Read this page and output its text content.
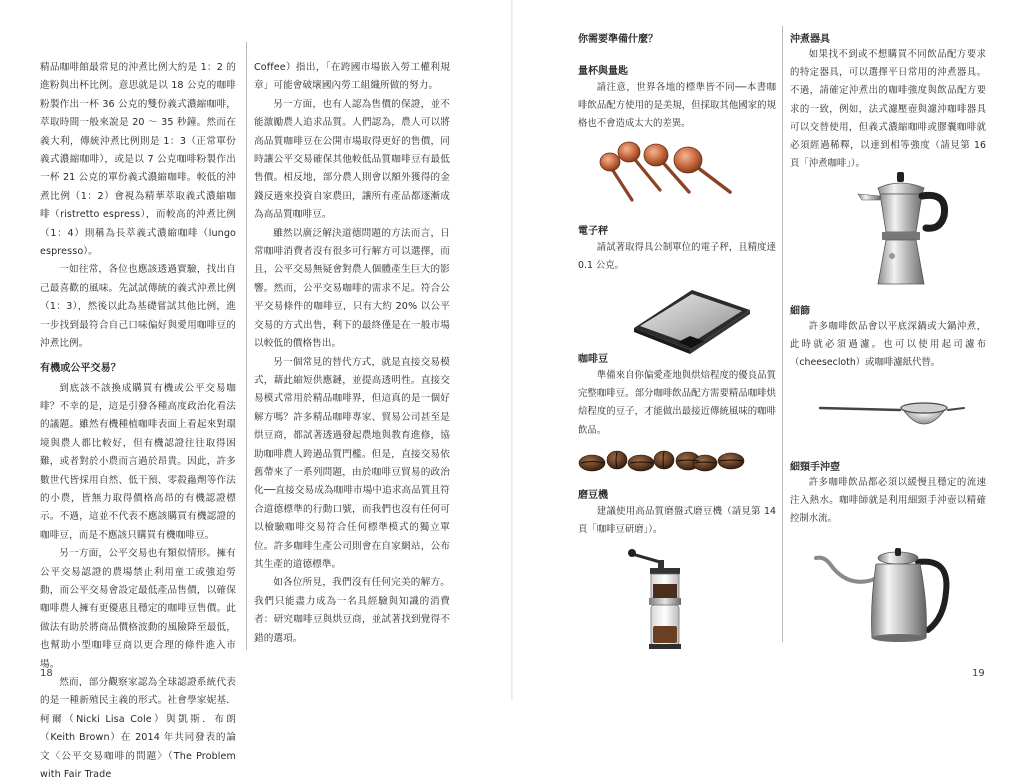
精品咖啡館最常見的沖煮比例大約是 1：2 的進粉與出杯比例。意思就是以 18 公克的咖啡粉製作出一杯 36 公克的雙份義式濃縮咖啡，萃取時間一般來說是 20 ～ 35 秒鐘。然而在義大利，傳統沖煮比例則是 1：3（正常單份義式濃縮咖啡），或是以 7 公克咖啡粉製作出一杯 21 公克的單份義式濃縮咖啡。較低的沖煮比例（1：2）會視為精華萃取義式濃縮咖啡（ristretto espress），而較高的沖煮比例（1：4）則稱為長萃義式濃縮咖啡（lungo espresso）。

一如往常，各位也應該透過實驗，找出自己最喜歡的風味。先試試傳統的義式沖煮比例（1：3），然後以此為基礎嘗試其他比例，進一步找到最符合自己口味偏好與愛用咖啡豆的沖煮比例。

有機或公平交易？

到底該不該換成購買有機或公平交易咖啡？不幸的是，這是引發各種高度政治化看法的議題。雖然有機種植咖啡表面上看起來對環境與農人都比較好，但有機認證往往取得困難，或者對於小農而言過於昂貴。因此，許多數世代皆採用自然、低干預、零殺蟲劑等作法的小農，皆無力取得價格高昂的有機認證標示。不過，這並不代表不應該購買有機認證的咖啡豆，而是不應該只購買有機咖啡豆。

另一方面，公平交易也有類似情形。擁有公平交易認證的農場禁止利用童工或強迫勞動，而公平交易會設定最低產品售價，以確保咖啡農人擁有更優惠且穩定的咖啡豆售價。此做法有助於將商品價格波動的風險降至最低，也幫助小型咖啡豆商以更合理的條件進入市場。

然而，部分觀察家認為全球認證系統代表的是一種新殖民主義的形式。社會學家妮基．柯爾（Nicki Lisa Cole）與凱斯．布朗（Keith Brown）在 2014 年共同發表的論文〈公平交易咖啡的問題〉（The Problem with Fair Trade

Coffee）指出，「在跨國市場嵌入勞工權利規章」可能會破壞國內勞工組織所做的努力。

另一方面，也有人認為售價的保證，並不能激勵農人追求品質。人們認為，農人可以將高品質咖啡豆在公開市場取得更好的售價，同時讓公平交易確保其他較低品質咖啡豆有最低售價。相反地，部分農人則會以額外獲得的金錢反過來投資自家農田，讓所有產品都逐漸成為高品質咖啡豆。

雖然以廣泛解決道德問題的方法而言，日常咖啡消費者沒有很多可行解方可以選擇，而且，公平交易無疑會對農人個體產生巨大的影響。然而，公平交易咖啡的需求不足。符合公平交易條件的咖啡豆，只有大約 20% 以公平交易的方式出售，剩下的最終僅是在一般市場以較低的價格售出。

另一個常見的替代方式，就是直接交易模式，藉此縮短供應鏈，並提高透明性。直接交易模式常用於精品咖啡界，但這真的是一個好解方嗎？許多精品咖啡專家、貿易公司甚至是烘豆商，都試著透過發起農地與教育進修，協助咖啡農人跨過品質門檻。但是，直接交易依舊帶來了一系列問題，由於咖啡豆貿易的政治化──直接交易成為咖啡市場中追求高品質且符合道德標準的行動口號，而我們也沒有任何可以檢驗咖啡交易符合任何標準模式的獨立單位。許多咖啡生產公司則會在自家網站，公布其生產的道德標準。

如各位所見，我們沒有任何完美的解方。我們只能盡力成為一名具經驗與知識的消費者：研究咖啡豆與烘豆商，並試著找到覺得不錯的選項。

18
你需要準備什麼？
量杯與量匙
請注意，世界各地的標準皆不同──本書咖啡飲品配方使用的是美規，但採取其他國家的規格也不會造成太大的差異。
電子秤
請試著取得具公制單位的電子秤，且精度達 0.1 公克。
咖啡豆
準備來自你偏愛產地與烘焙程度的優良品質完整咖啡豆。部分咖啡飲品配方需要精品咖啡烘焙程度的豆子，才能做出最接近傳統風味的咖啡飲品。
磨豆機
建議使用高品質磨盤式磨豆機（請見第 14 頁「咖啡豆研磨」）。
沖煮器具
如果找不到或不想購買不同飲品配方要求的特定器具，可以選擇平日常用的沖煮器具。不過，請確定沖煮出的咖啡強度與飲品配方要求的一致，例如，法式濾壓壺與濾沖咖啡器具可以交替使用，但義式濃縮咖啡或膠囊咖啡就必須經過稀釋，以達到相等強度（請見第 16 頁「沖煮咖啡」）。
細篩
許多咖啡飲品會以平底深鍋或大鍋沖煮，此時就必須過濾。也可以使用起司濾布（cheesecloth）或咖啡濾紙代替。
細頸手沖壺
許多咖啡飲品都必須以緩慢且穩定的流速注入熱水。咖啡師就是利用細頸手沖壺以精確控制水流。
19
